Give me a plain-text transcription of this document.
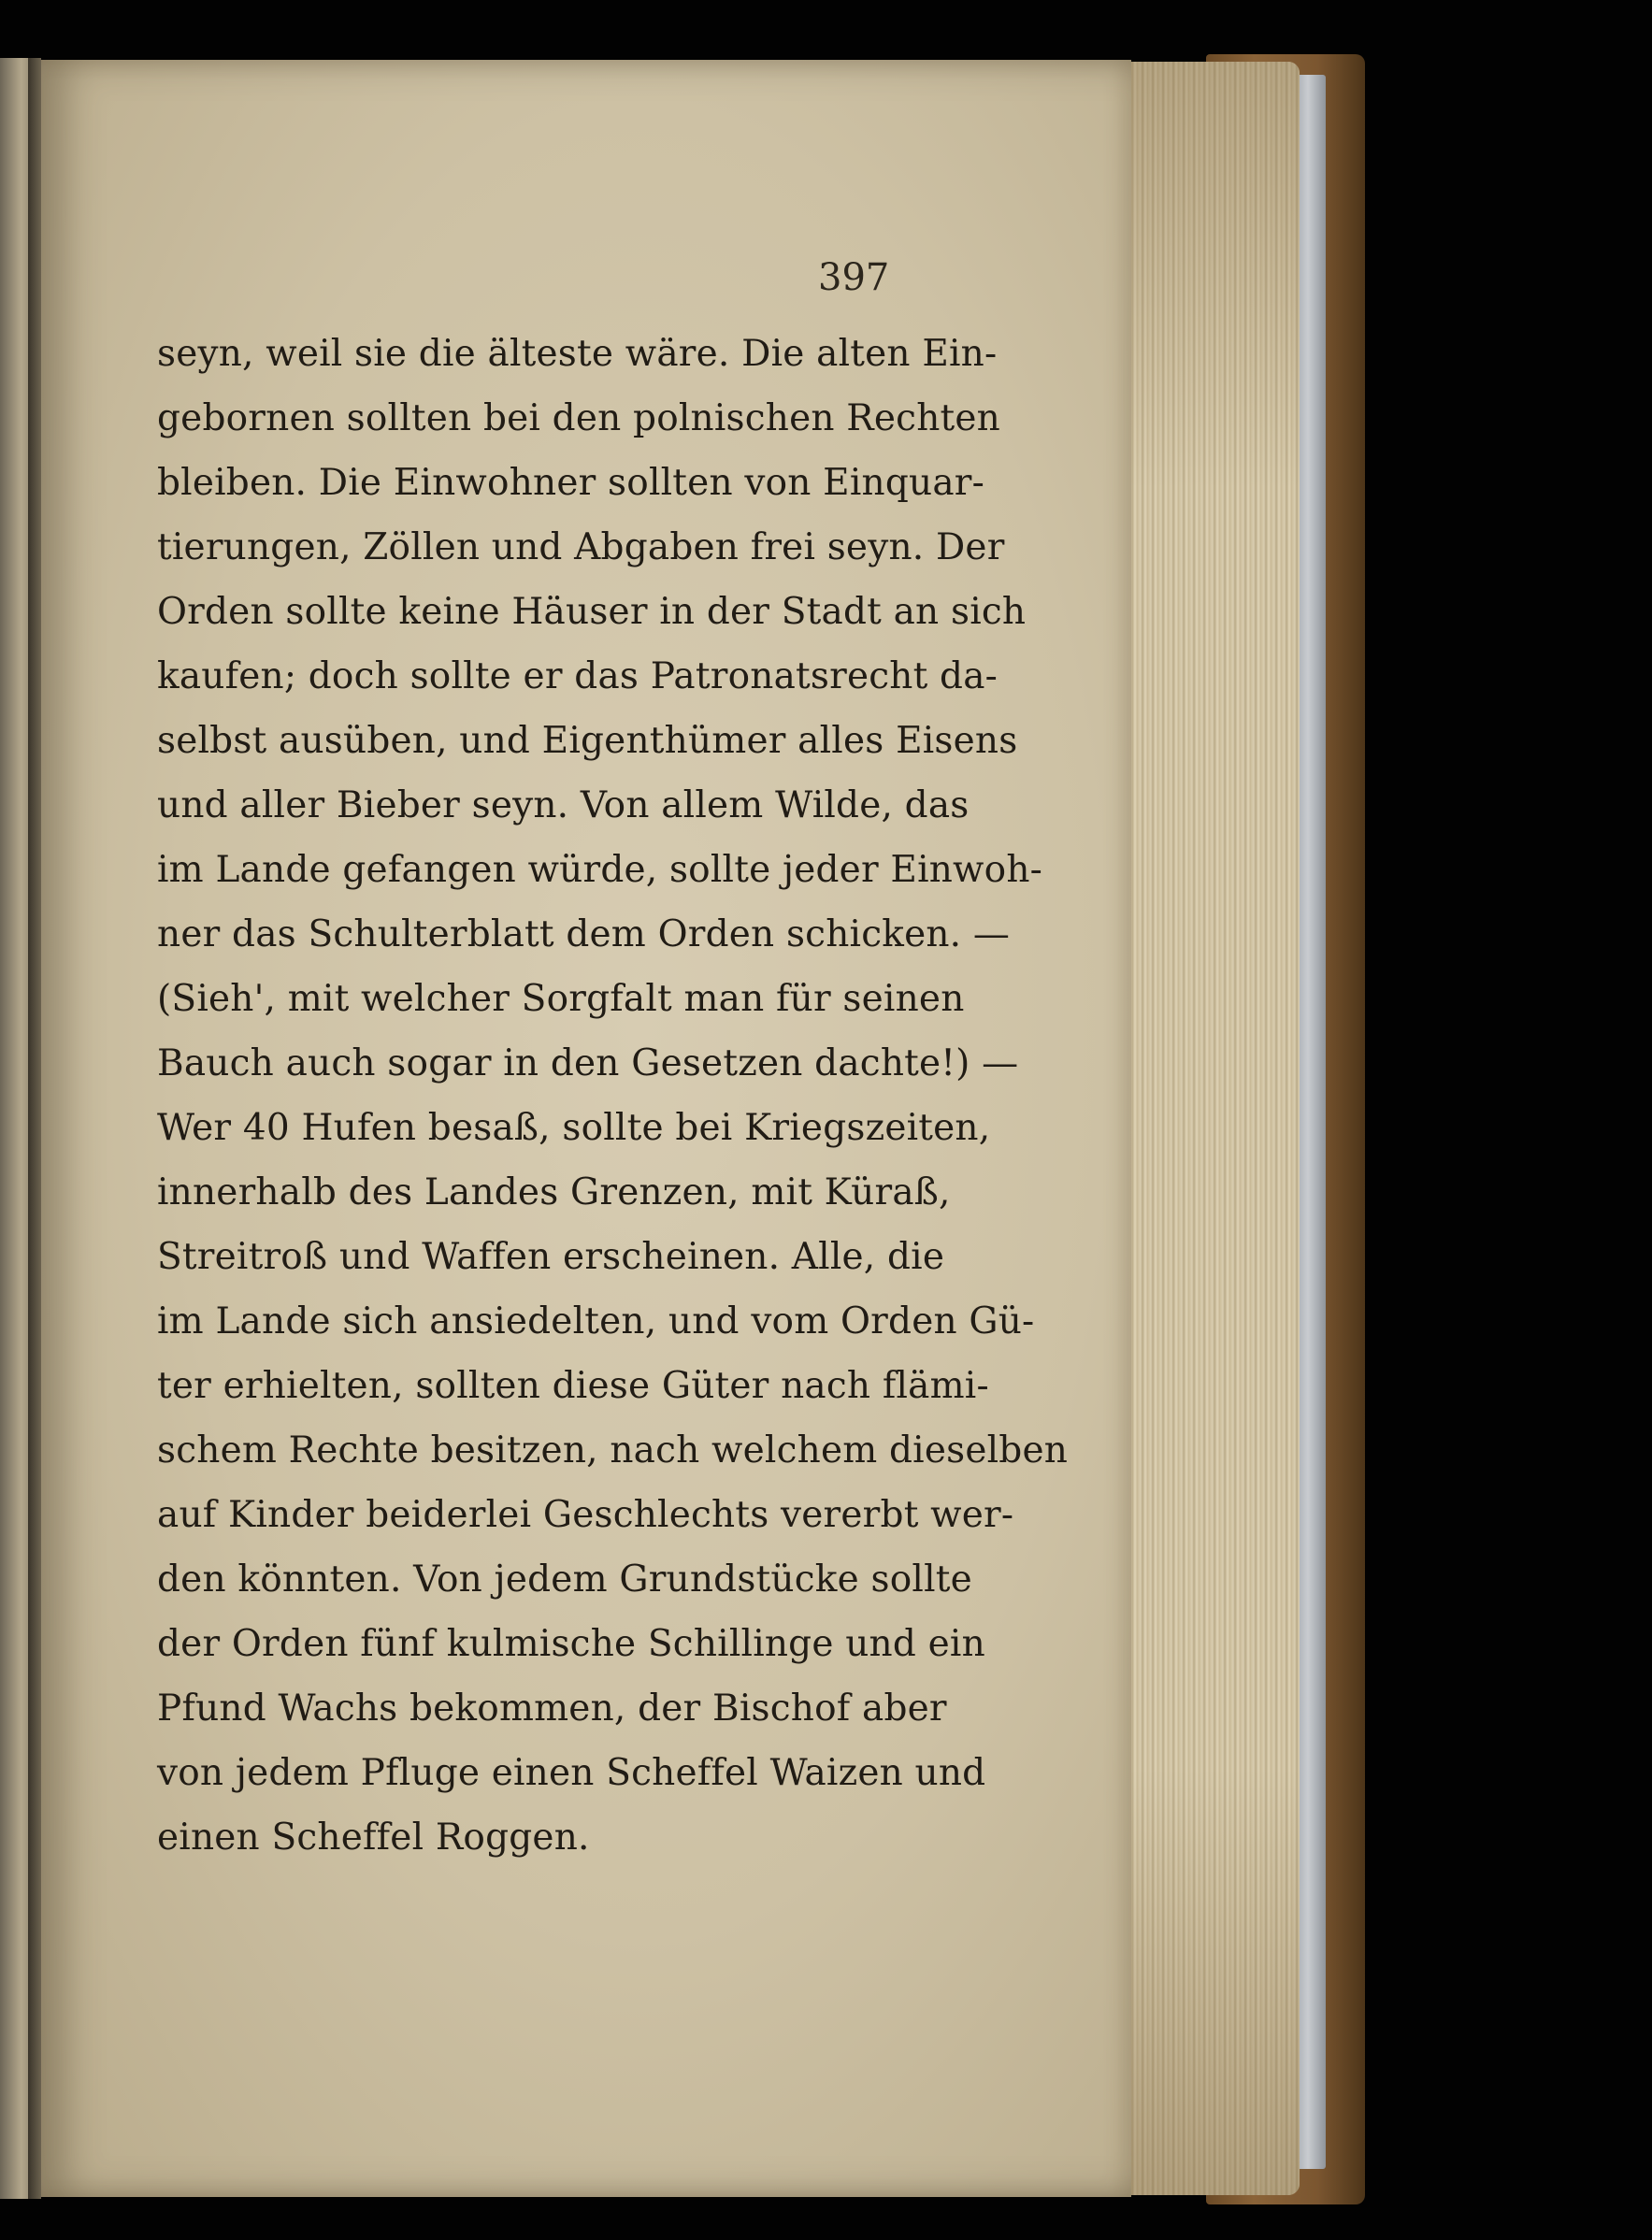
397

seyn, weil sie die älteste wäre. Die alten Ein-
gebornen sollten bei den polnischen Rechten
bleiben. Die Einwohner sollten von Einquar-
tierungen, Zöllen und Abgaben frei seyn. Der
Orden sollte keine Häuser in der Stadt an sich
kaufen; doch sollte er das Patronatsrecht da-
selbst ausüben, und Eigenthümer alles Eisens
und aller Bieber seyn. Von allem Wilde, das
im Lande gefangen würde, sollte jeder Einwoh-
ner das Schulterblatt dem Orden schicken. —
(Sieh', mit welcher Sorgfalt man für seinen
Bauch auch sogar in den Gesetzen dachte!) —
Wer 40 Hufen besaß, sollte bei Kriegszeiten,
innerhalb des Landes Grenzen, mit Küraß,
Streitroß und Waffen erscheinen. Alle, die
im Lande sich ansiedelten, und vom Orden Gü-
ter erhielten, sollten diese Güter nach flämi-
schem Rechte besitzen, nach welchem dieselben
auf Kinder beiderlei Geschlechts vererbt wer-
den könnten. Von jedem Grundstücke sollte
der Orden fünf kulmische Schillinge und ein
Pfund Wachs bekommen, der Bischof aber
von jedem Pfluge einen Scheffel Waizen und
einen Scheffel Roggen.
